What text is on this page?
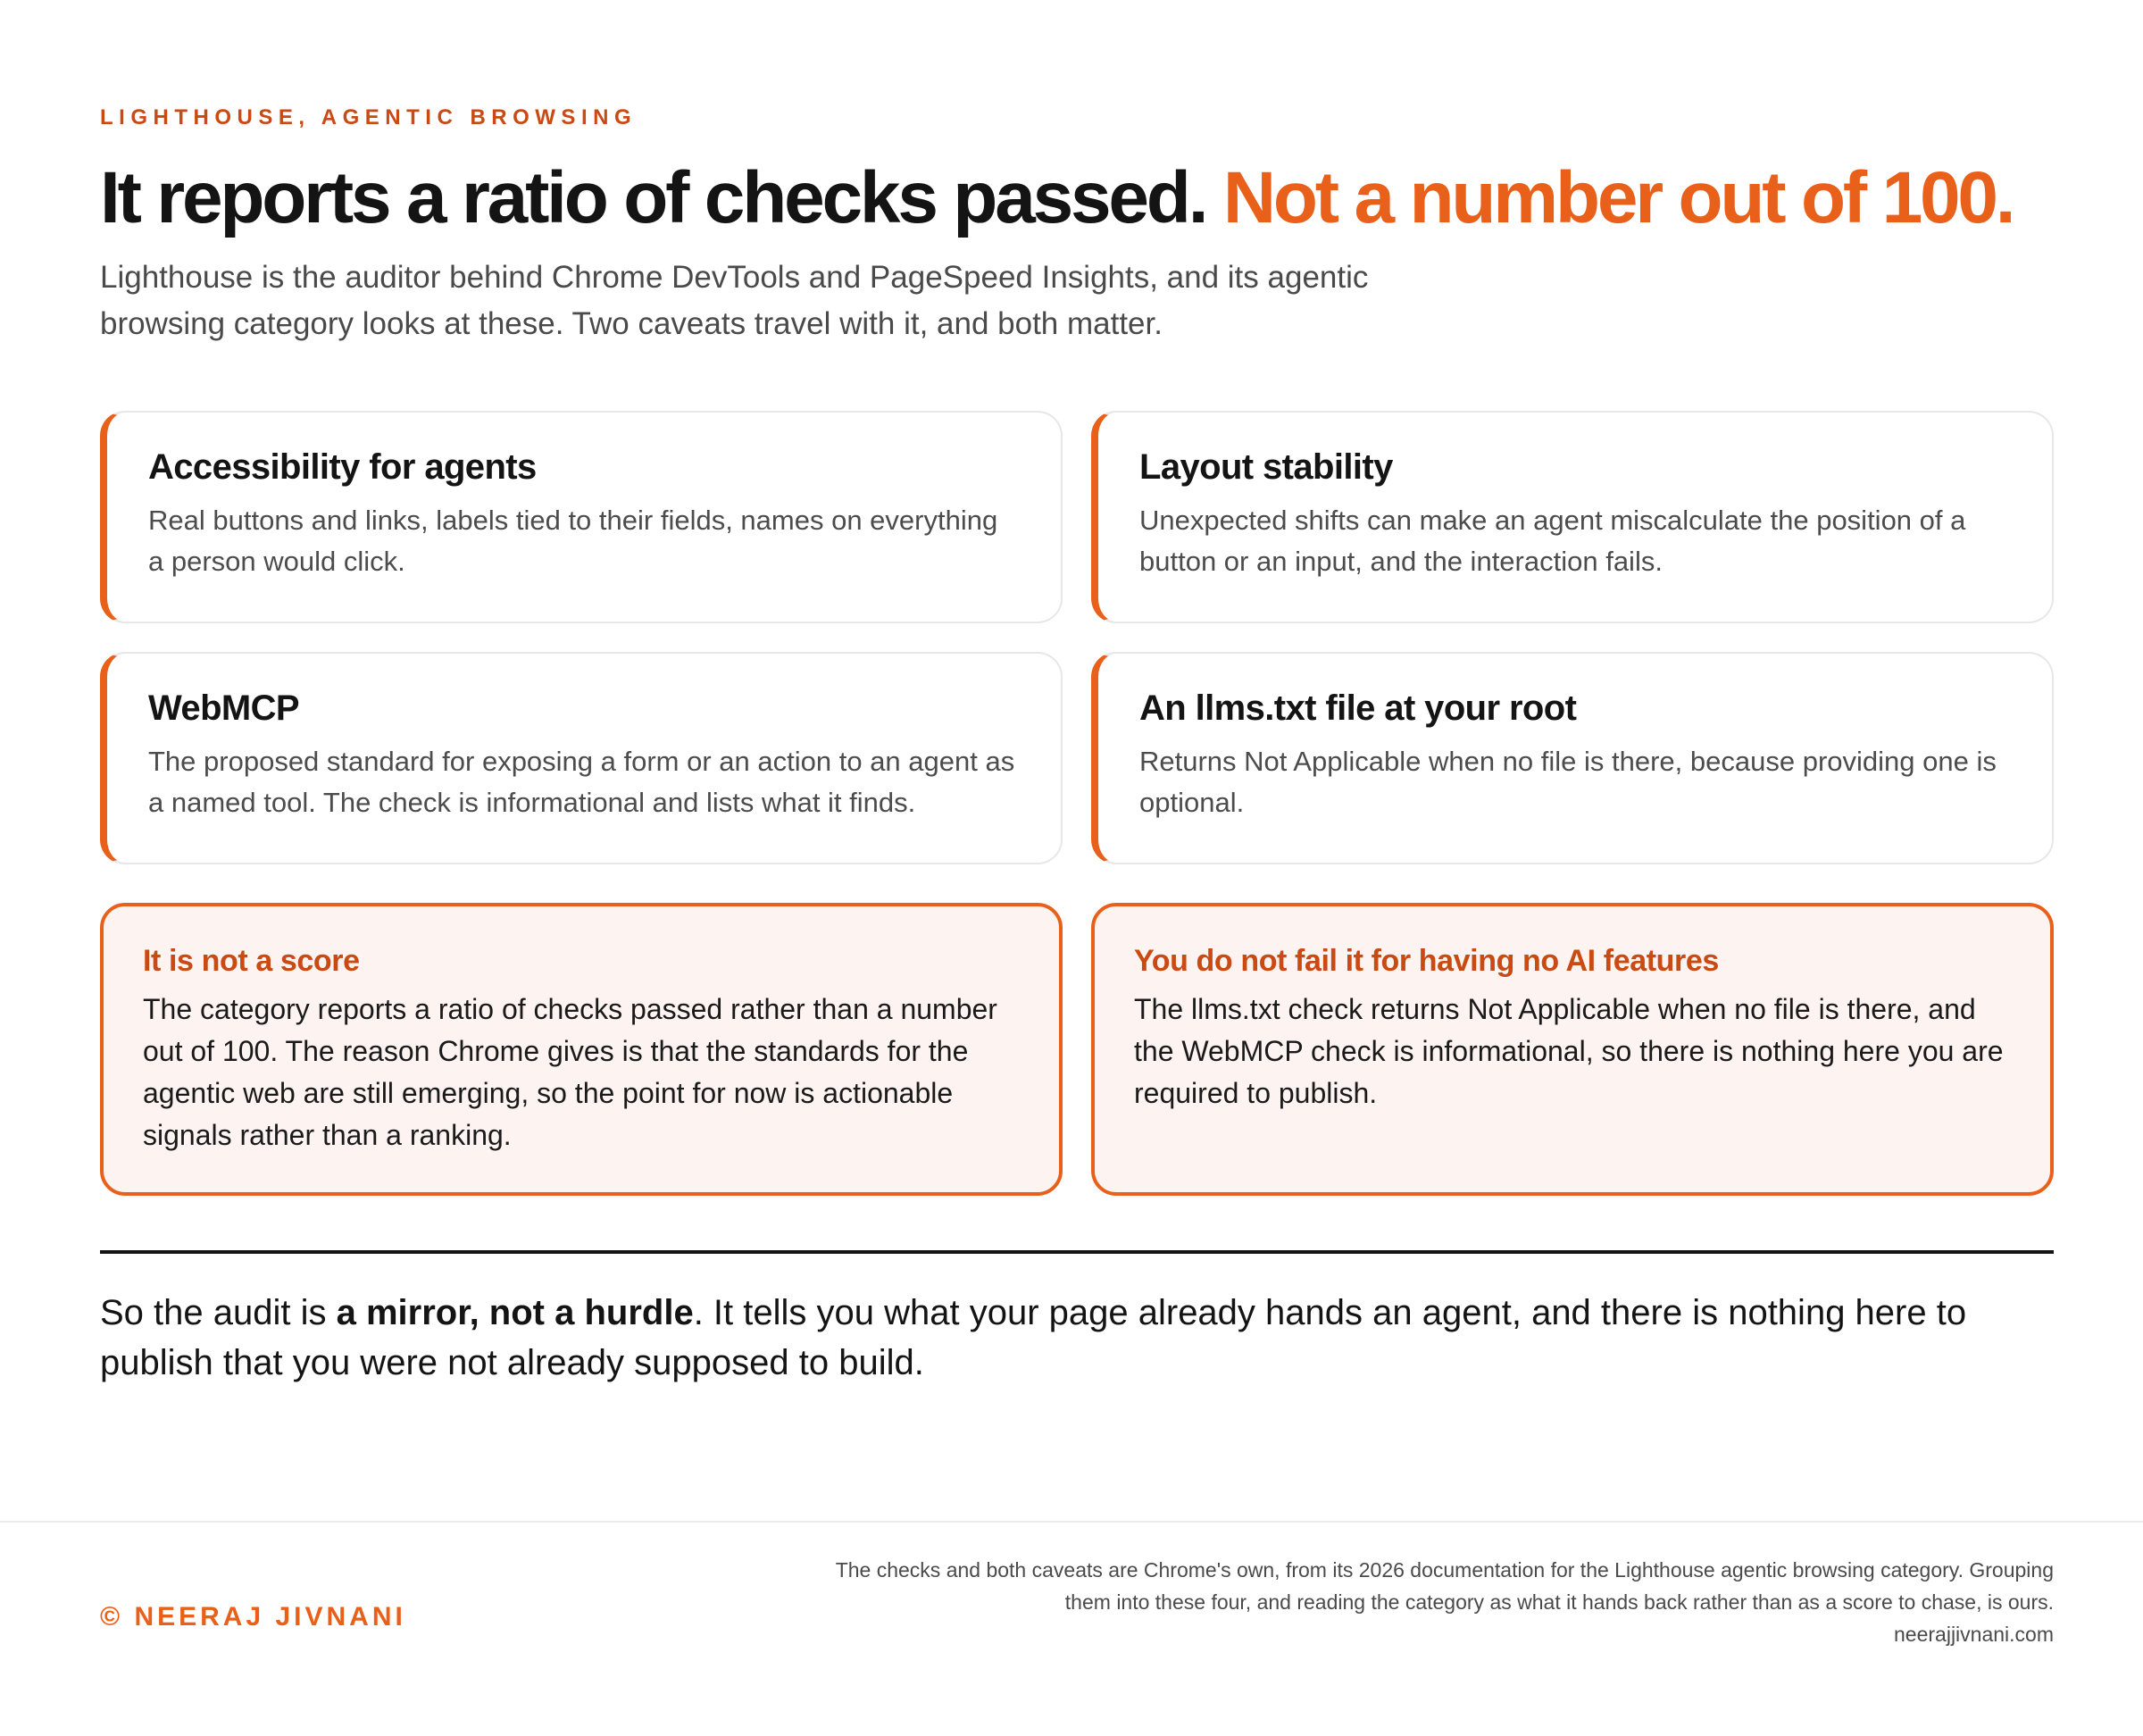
LIGHTHOUSE, AGENTIC BROWSING
It reports a ratio of checks passed. Not a number out of 100.

Lighthouse is the auditor behind Chrome DevTools and PageSpeed Insights, and its agentic browsing category looks at these. Two caveats travel with it, and both matter.

Accessibility for agents
Real buttons and links, labels tied to their fields, names on everything a person would click.
Layout stability
Unexpected shifts can make an agent miscalculate the position of a button or an input, and the interaction fails.
WebMCP
The proposed standard for exposing a form or an action to an agent as a named tool. The check is informational and lists what it finds.
An llms.txt file at your root
Returns Not Applicable when no file is there, because providing one is optional.
It is not a score
The category reports a ratio of checks passed rather than a number out of 100. The reason Chrome gives is that the standards for the agentic web are still emerging, so the point for now is actionable signals rather than a ranking.
You do not fail it for having no AI features
The llms.txt check returns Not Applicable when no file is there, and the WebMCP check is informational, so there is nothing here you are required to publish.

So the audit is a mirror, not a hurdle. It tells you what your page already hands an agent, and there is nothing here to publish that you were not already supposed to build.

© NEERAJ JIVNANI
The checks and both caveats are Chrome's own, from its 2026 documentation for the Lighthouse agentic browsing category. Grouping them into these four, and reading the category as what it hands back rather than as a score to chase, is ours.
neerajjivnani.com
